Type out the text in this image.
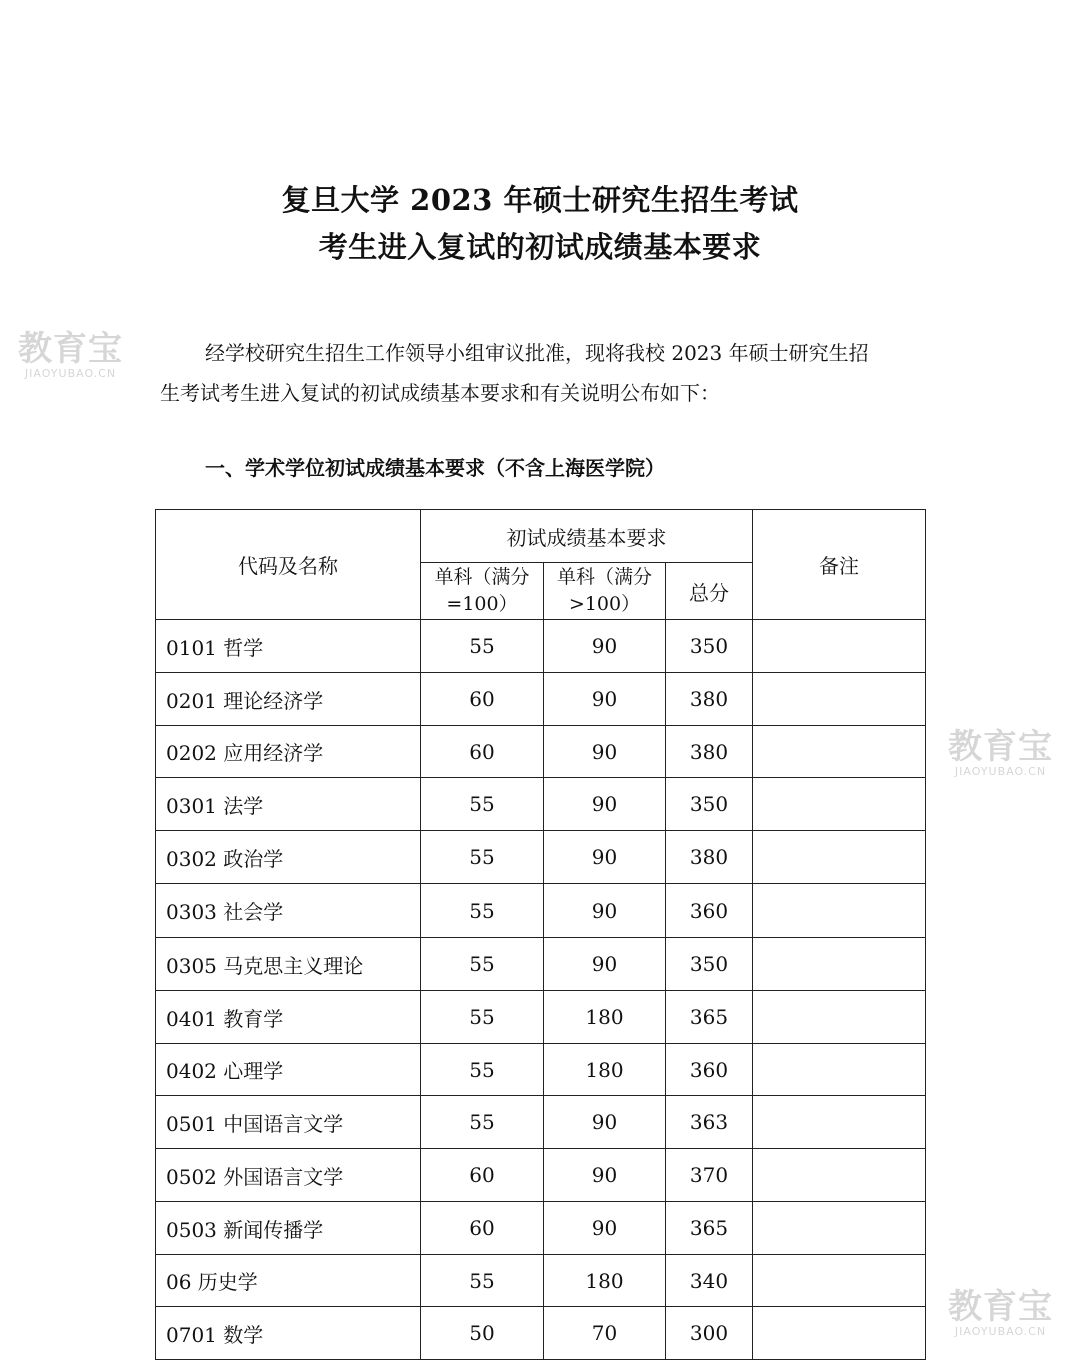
复旦大学 2023 年硕士研究生招生考试
考生进入复试的初试成绩基本要求
教育宝
JIAOYUBAO.CN
教育宝
JIAOYUBAO.CN
教育宝
JIAOYUBAO.CN
经学校研究生招生工作领导小组审议批准，现将我校 2023 年硕士研究生招
生考试考生进入复试的初试成绩基本要求和有关说明公布如下：
一、学术学位初试成绩基本要求（不含上海医学院）
代码及名称	初试成绩基本要求			备注
	单科（满分=100）	单科（满分>100）	总分	
0101 哲学	55	90	350	
0201 理论经济学	60	90	380	
0202 应用经济学	60	90	380	
0301 法学	55	90	350	
0302 政治学	55	90	380	
0303 社会学	55	90	360	
0305 马克思主义理论	55	90	350	
0401 教育学	55	180	365	
0402 心理学	55	180	360	
0501 中国语言文学	55	90	363	
0502 外国语言文学	60	90	370	
0503 新闻传播学	60	90	365	
06 历史学	55	180	340	
0701 数学	50	70	300	
